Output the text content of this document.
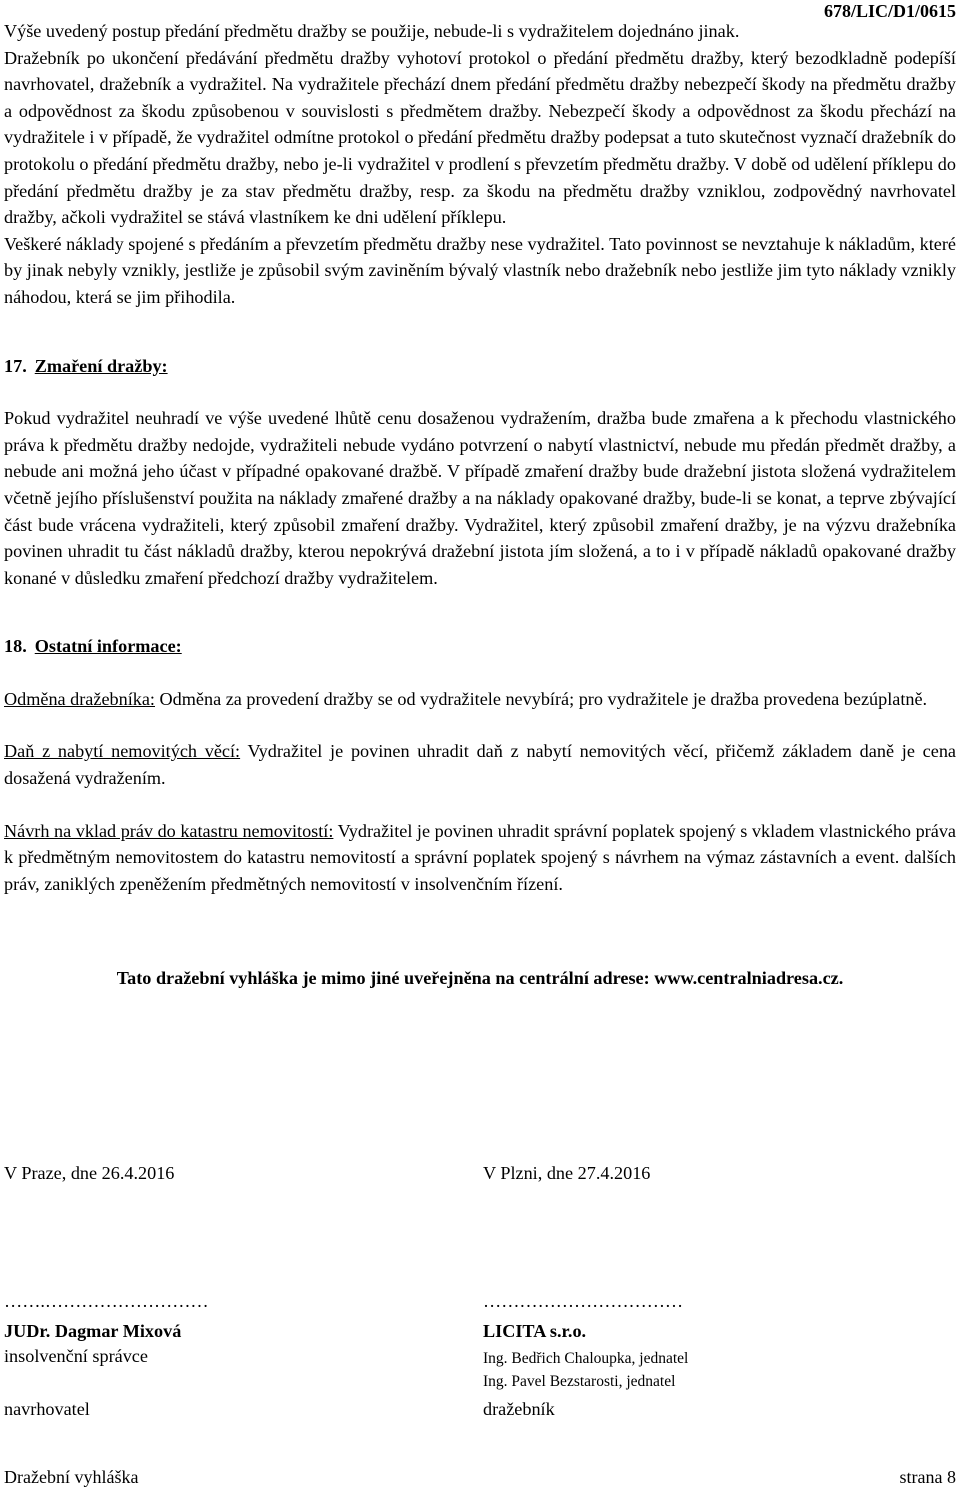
678/LIC/D1/0615

Výše uvedený postup předání předmětu dražby se použije, nebude-li s vydražitelem dojednáno jinak.

Dražebník po ukončení předávání předmětu dražby vyhotoví protokol o předání předmětu dražby, který bezodkladně podepíší navrhovatel, dražebník a vydražitel. Na vydražitele přechází dnem předání předmětu dražby nebezpečí škody na předmětu dražby a odpovědnost za škodu způsobenou v souvislosti s předmětem dražby. Nebezpečí škody a odpovědnost za škodu přechází na vydražitele i v případě, že vydražitel odmítne protokol o předání předmětu dražby podepsat a tuto skutečnost vyznačí dražebník do protokolu o předání předmětu dražby, nebo je-li vydražitel v prodlení s převzetím předmětu dražby. V době od udělení příklepu do předání předmětu dražby je za stav předmětu dražby, resp. za škodu na předmětu dražby vzniklou, zodpovědný navrhovatel dražby, ačkoli vydražitel se stává vlastníkem ke dni udělení příklepu.

Veškeré náklady spojené s předáním a převzetím předmětu dražby nese vydražitel. Tato povinnost se nevztahuje k nákladům, které by jinak nebyly vznikly, jestliže je způsobil svým zaviněním bývalý vlastník nebo dražebník nebo jestliže jim tyto náklady vznikly náhodou, která se jim přihodila.

17. Zmaření dražby:

Pokud vydražitel neuhradí ve výše uvedené lhůtě cenu dosaženou vydražením, dražba bude zmařena a k přechodu vlastnického práva k předmětu dražby nedojde, vydražiteli nebude vydáno potvrzení o nabytí vlastnictví, nebude mu předán předmět dražby, a nebude ani možná jeho účast v případné opakované dražbě. V případě zmaření dražby bude dražební jistota složená vydražitelem včetně jejího příslušenství použita na náklady zmařené dražby a na náklady opakované dražby, bude-li se konat, a teprve zbývající část bude vrácena vydražiteli, který způsobil zmaření dražby. Vydražitel, který způsobil zmaření dražby, je na výzvu dražebníka povinen uhradit tu část nákladů dražby, kterou nepokrývá dražební jistota jím složená, a to i v případě nákladů opakované dražby konané v důsledku zmaření předchozí dražby vydražitelem.

18. Ostatní informace:

Odměna dražebníka: Odměna za provedení dražby se od vydražitele nevybírá; pro vydražitele je dražba provedena bezúplatně.

Daň z nabytí nemovitých věcí: Vydražitel je povinen uhradit daň z nabytí nemovitých věcí, přičemž základem daně je cena dosažená vydražením.

Návrh na vklad práv do katastru nemovitostí: Vydražitel je povinen uhradit správní poplatek spojený s vkladem vlastnického práva k předmětným nemovitostem do katastru nemovitostí a správní poplatek spojený s návrhem na výmaz zástavních a event. dalších práv, zaniklých zpeněžením předmětných nemovitostí v insolvenčním řízení.

Tato dražební vyhláška je mimo jiné uveřejněna na centrální adrese: www.centralniadresa.cz.

V Praze, dne 26.4.2016
…….………………………
JUDr. Dagmar Mixová
insolvenční správce
navrhovatel
V Plzni, dne 27.4.2016
……………………………
LICITA s.r.o.
Ing. Bedřich Chaloupka, jednatel
Ing. Pavel Bezstarosti, jednatel
dražebník
Dražební vyhláška	strana 8
